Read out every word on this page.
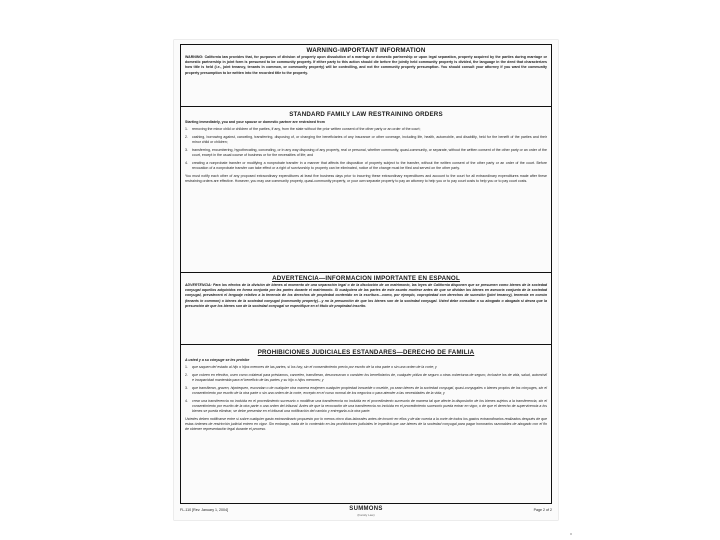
WARNING-IMPORTANT INFORMATION

WARNING: California law provides that, for purposes of division of property upon dissolution of a marriage or domestic partnership or upon legal separation, property acquired by the parties during marriage or domestic partnership in joint form is presumed to be community property. If either party to this action should die before the jointly held community property is divided, the language in the deed that characterizes how title is held (i.e., joint tenancy, tenants in common, or community property) will be controlling, and not the community property presumption. You should consult your attorney if you want the community property presumption to be written into the recorded title to the property.

STANDARD FAMILY LAW RESTRAINING ORDERS

Starting immediately, you and your spouse or domestic partner are restrained from

1.	removing the minor child or children of the parties, if any, from the state without the prior written consent of the other party or an order of the court;
2.	cashing, borrowing against, canceling, transferring, disposing of, or changing the beneficiaries of any insurance or other coverage, including life, health, automobile, and disability, held for the benefit of the parties and their minor child or children;
3.	transferring, encumbering, hypothecating, concealing, or in any way disposing of any property, real or personal, whether community, quasi-community, or separate, without the written consent of the other party or an order of the court, except in the usual course of business or for the necessities of life; and
4.	creating a nonprobate transfer or modifying a nonprobate transfer in a manner that affects the disposition of property subject to the transfer, without the written consent of the other party or an order of the court. Before revocation of a nonprobate transfer can take effect or a right of survivorship to property can be eliminated, notice of the change must be filed and served on the other party.

You must notify each other of any proposed extraordinary expenditures at least five business days prior to incurring these extraordinary expenditures and account to the court for all extraordinary expenditures made after these restraining orders are effective. However, you may use community property, quasi-community property, or your own separate property to pay an attorney to help you or to pay court costs to help you or to pay court costs.

ADVERTENCIA—INFORMACION IMPORTANTE EN ESPANOL

ADVERTENCIA: Para los efectos de la división de bienes al momento de una separación legal o de la disolución de un matrimonio, las leyes de California disponen que se presumen como bienes de la sociedad conyugal aquellos adquiridos en forma conjunta por las partes durante el matrimonio. Si cualquiera de las partes de este asunto muriese antes de que se dividan los bienes en asesoría conjunta de la sociedad conyugal, prevalecerá el lenguaje relativo a la tenencia de los derechos de propiedad contenido en la escritura—como, por ejemplo, copropiedad con derechos de sucesión (joint tenancy), tenencia en común (tenants in common) o bienes de la sociedad conyugal (community property)—y no la presunción de que los bienes son de la sociedad conyugal. Usted debe consultar a su abogado o abogada si desea que la presunción de que los bienes son de la sociedad conyugal se especifique en el título de propiedad inscrito.

PROHIBICIONES JUDICIALES ESTANDARES—DERECHO DE FAMILIA

A usted y a su cónyuge se les prohíbe

1.	que saquen del estado al hijo o hijos menores de las partes, si los hay, sin el consentimiento previo por escrito de la otra parte o sin una orden de la corte; y
2.	que cobren en efectivo, usen como colateral para préstamos, cancelen, transfieran, desconozcan o cambien los beneficiarios de, cualquier póliza de seguro u otras coberturas de seguro, inclusive los de vida, salud, automóvil e incapacidad mantenida para el beneficio de las partes y su hijo o hijos menores; y
3.	que transfieran, graven, hipotequen, escondan o de cualquier otra manera enajenen cualquier propiedad inmueble o mueble, ya sean bienes de la sociedad conyugal, quasi-conyugales o bienes propios de los cónyuges, sin el consentimiento por escrito de la otra parte o sin una orden de la corte, excepto en el curso normal de los negocios o para atender a las necesidades de la vida; y
4.	crear una transferencia no incluida en el procedimiento sucesorio o modificar una transferencia no incluida en el procedimiento sucesorio de manera tal que afecte la disposición de los bienes sujetos a la transferencia, sin el consentimiento por escrito de la otra parte o una orden del tribunal. Antes de que la revocación de una transferencia no incluida en el procedimiento sucesorio pueda entrar en vigor, o de que el derecho de supervivencia a los bienes se pueda eliminar, se debe presentar en el tribunal una notificación del cambio y entregarla a la otra parte.

Ustedes deben notificarse entre sí sobre cualquier gasto extraordinario propuesto por lo menos cinco días laborales antes de incurrir en ellos y de dar cuenta a la corte de todos los gastos extraordinarios realizados después de que estas órdenes de restricción judicial entren en vigor. Sin embargo, nada de lo contenido en las prohibiciones judiciales le impedirá que use bienes de la sociedad conyugal para pagar honorarios razonables de abogado con el fin de obtener representación legal durante el proceso.

FL-110 [Rev. January 1, 2004]	SUMMONS
(Family Law)
Page 2 of 2
